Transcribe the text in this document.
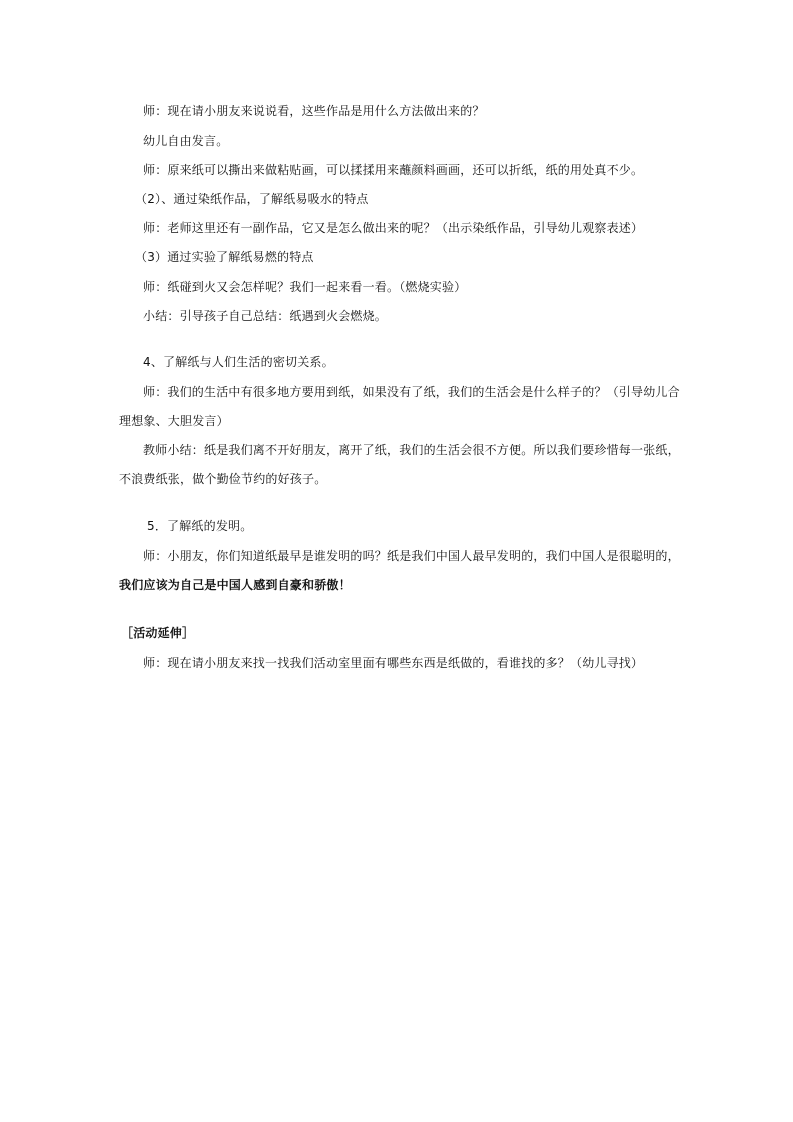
师：现在请小朋友来说说看，这些作品是用什么方法做出来的？
幼儿自由发言。
师：原来纸可以撕出来做粘贴画，可以揉揉用来蘸颜料画画，还可以折纸，纸的用处真不少。
（2）、通过染纸作品，了解纸易吸水的特点
师：老师这里还有一副作品，它又是怎么做出来的呢？（出示染纸作品，引导幼儿观察表述）
（3）通过实验了解纸易燃的特点
师：纸碰到火又会怎样呢？我们一起来看一看。（燃烧实验）
小结：引导孩子自己总结：纸遇到火会燃烧。
4、了解纸与人们生活的密切关系。
师：我们的生活中有很多地方要用到纸，如果没有了纸，我们的生活会是什么样子的？（引导幼儿合
理想象、大胆发言）
教师小结：纸是我们离不开好朋友，离开了纸，我们的生活会很不方便。所以我们要珍惜每一张纸，
不浪费纸张，做个勤俭节约的好孩子。
5．了解纸的发明。
师：小朋友，你们知道纸最早是谁发明的吗？纸是我们中国人最早发明的，我们中国人是很聪明的，
我们应该为自己是中国人感到自豪和骄傲！
［活动延伸］
师：现在请小朋友来找一找我们活动室里面有哪些东西是纸做的，看谁找的多？（幼儿寻找）
